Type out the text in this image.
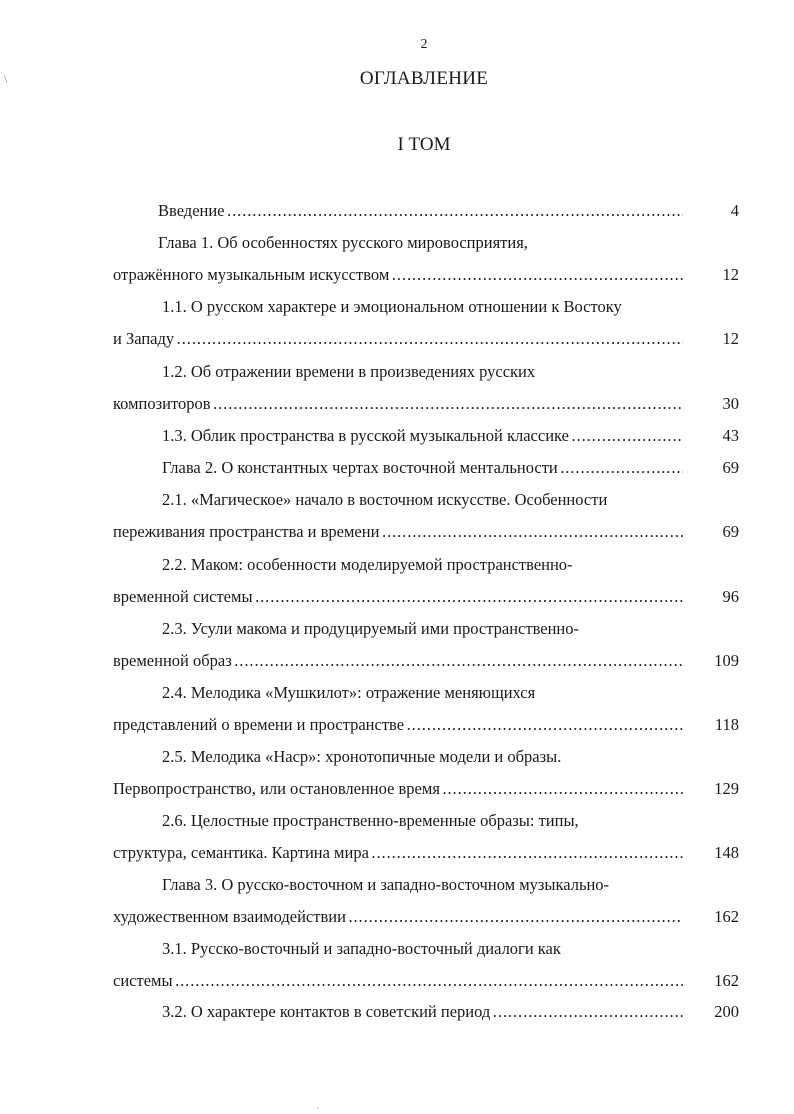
2
\	ОГЛАВЛЕНИЕ
I ТОМ
Введение . . .	4
Глава 1. Об особенностях русского мировосприятия,
отражённого музыкальным искусством . . .	12
1.1. О русском характере и эмоциональном отношении к Востоку
и Западу . . .	12
1.2. Об отражении времени в произведениях русских
композиторов . . .	30
1.3. Облик пространства в русской музыкальной классике . . .	43
Глава 2. О константных чертах восточной ментальности . . .	69
2.1. «Магическое» начало в восточном искусстве. Особенности
переживания пространства и времени . . .	69
2.2. Маком: особенности моделируемой пространственно-
временной системы . . .	96
2.3. Усули макома и продуцируемый ими пространственно-
временной образ . . .	109
2.4. Мелодика «Мушкилот»: отражение меняющихся
представлений о времени и пространстве . . .	118
2.5. Мелодика «Наср»: хронотопичные модели и образы.
Первопространство, или остановленное время . . .	129
2.6. Целостные пространственно-временные образы: типы,
структура, семантика. Картина мира . . .	148
Глава 3. О русско-восточном и западно-восточном музыкально-
художественном взаимодействии . . .	162
3.1. Русско-восточный и западно-восточный диалоги как
системы . . .	162
3.2. О характере контактов в советский период . . .	200
·
